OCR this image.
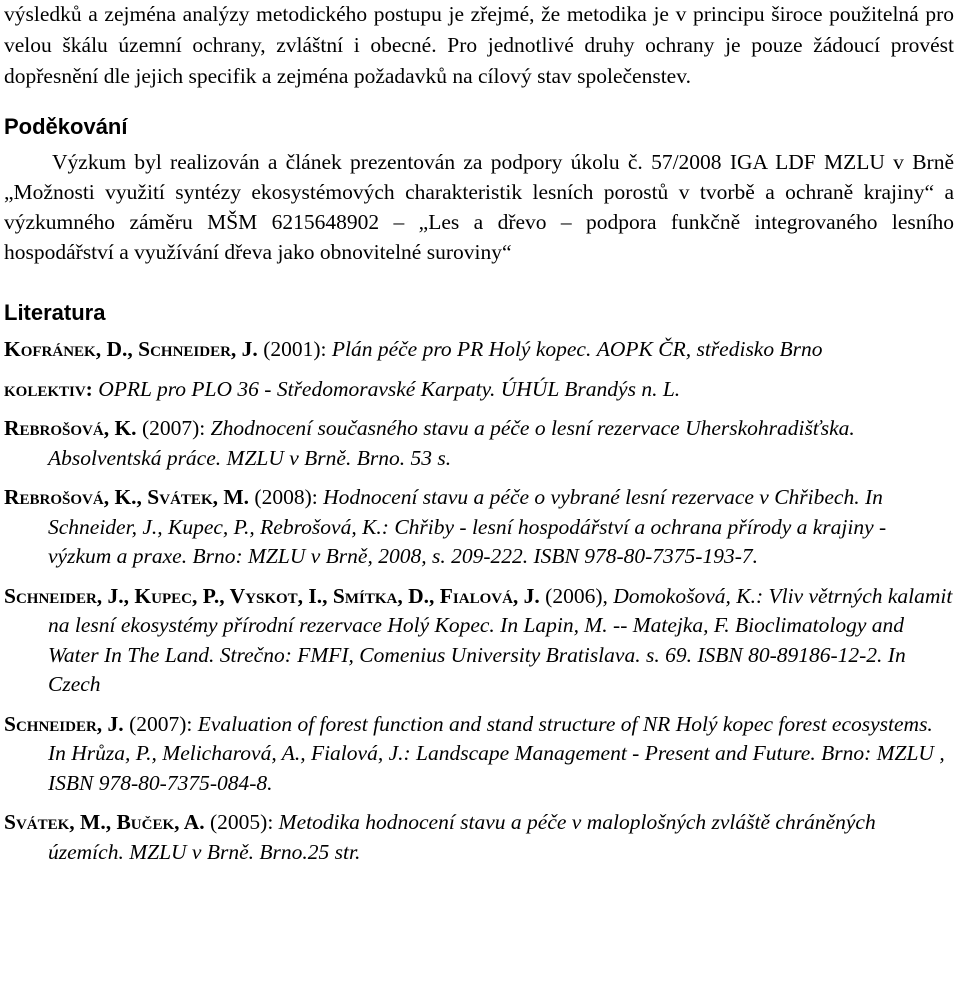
výsledků a zejména analýzy metodického postupu je zřejmé, že metodika je v principu široce použitelná pro velou škálu územní ochrany, zvláštní i obecné. Pro jednotlivé druhy ochrany je pouze žádoucí provést dopřesnění dle jejich specifik a zejména požadavků na cílový stav společenstev.

Poděkování

Výzkum byl realizován a článek prezentován za podpory úkolu č. 57/2008 IGA LDF MZLU v Brně „Možnosti využití syntézy ekosystémových charakteristik lesních porostů v tvorbě a ochraně krajiny“ a výzkumného záměru MŠM 6215648902 – „Les a dřevo – podpora funkčně integrovaného lesního hospodářství a využívání dřeva jako obnovitelné suroviny“

Literatura

Kofránek, D., Schneider, J. (2001): Plán péče pro PR Holý kopec. AOPK ČR, středisko Brno

kolektiv: OPRL pro PLO 36 - Středomoravské Karpaty. ÚHÚL Brandýs n. L.

Rebrošová, K. (2007): Zhodnocení současného stavu a péče o lesní rezervace Uherskohradišťska. Absolventská práce. MZLU v Brně. Brno. 53 s.

Rebrošová, K., Svátek, M. (2008): Hodnocení stavu a péče o vybrané lesní rezervace v Chřibech. In Schneider, J., Kupec, P., Rebrošová, K.: Chřiby - lesní hospodářství a ochrana přírody a krajiny - výzkum a praxe. Brno: MZLU v Brně, 2008, s. 209-222. ISBN 978-80-7375-193-7.

Schneider, J., Kupec, P., Vyskot, I., Smítka, D., Fialová, J. (2006), Domokošová, K.: Vliv větrných kalamit na lesní ekosystémy přírodní rezervace Holý Kopec. In Lapin, M. -- Matejka, F. Bioclimatology and Water In The Land. Strečno: FMFI, Comenius University Bratislava. s. 69. ISBN 80-89186-12-2. In Czech

Schneider, J. (2007): Evaluation of forest function and stand structure of NR Holý kopec forest ecosystems. In Hrůza, P., Melicharová, A., Fialová, J.: Landscape Management - Present and Future. Brno: MZLU , ISBN 978-80-7375-084-8.

Svátek, M., Buček, A. (2005): Metodika hodnocení stavu a péče v maloplošných zvláště chráněných územích. MZLU v Brně. Brno.25 str.
